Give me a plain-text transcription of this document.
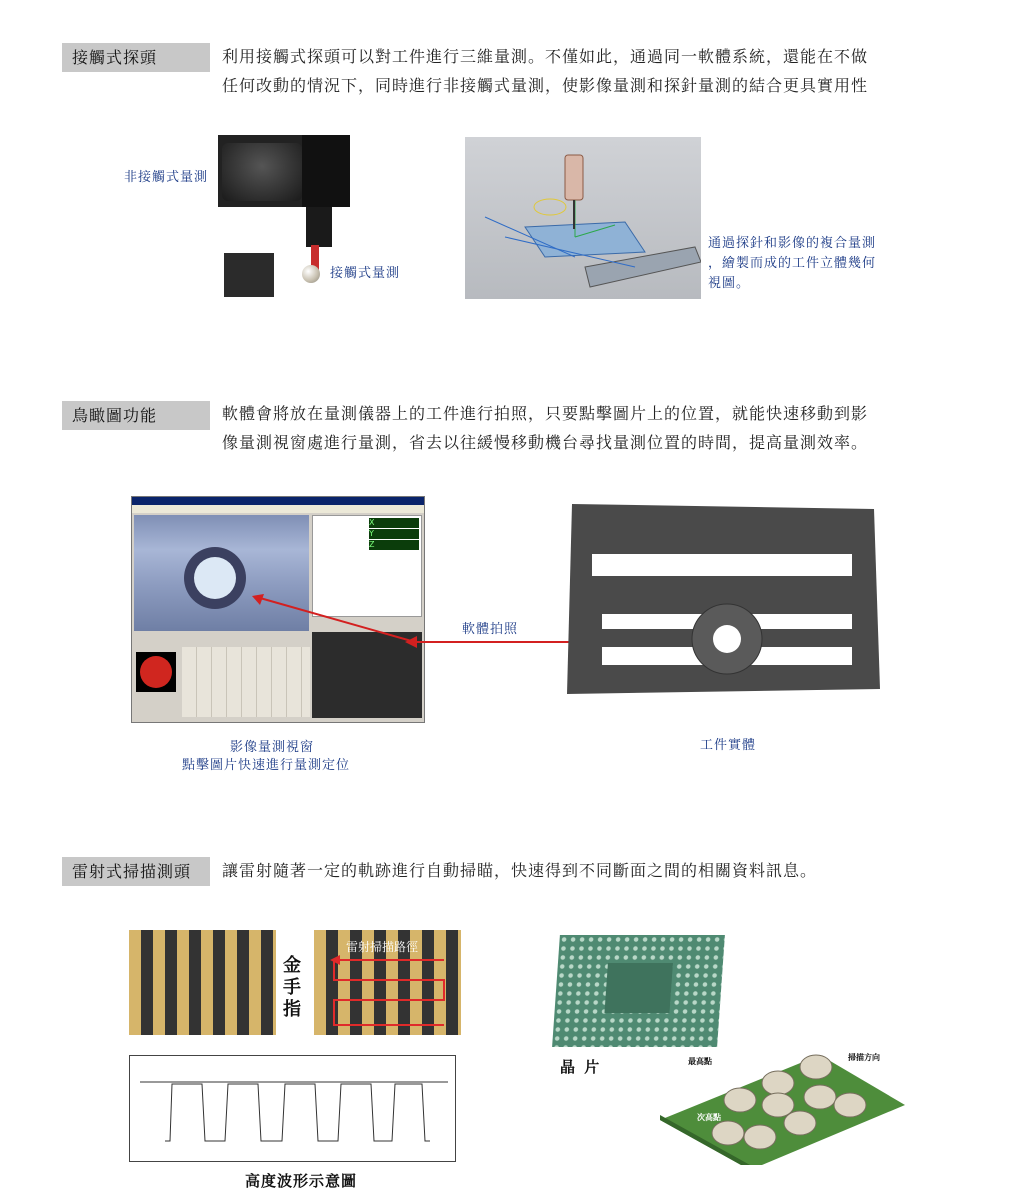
接觸式探頭	利用接觸式探頭可以對工件進行三維量測。不僅如此，通過同一軟體系統，還能在不做
任何改動的情況下，同時進行非接觸式量測，使影像量測和探針量測的結合更具實用性
非接觸式量測
接觸式量測
通過探針和影像的複合量測
，繪製而成的工件立體幾何
視圖。
鳥瞰圖功能	軟體會將放在量測儀器上的工件進行拍照，只要點擊圖片上的位置，就能快速移動到影
像量測視窗處進行量測，省去以往緩慢移動機台尋找量測位置的時間，提高量測效率。
X
Y
Z
軟體拍照
影像量測視窗
點擊圖片快速進行量測定位
工件實體
雷射式掃描測頭	讓雷射隨著一定的軌跡進行自動掃瞄，快速得到不同斷面之間的相關資料訊息。
金手指
雷射掃描路徑
高度波形示意圖
晶 片	最高點
次高點
掃描方向
